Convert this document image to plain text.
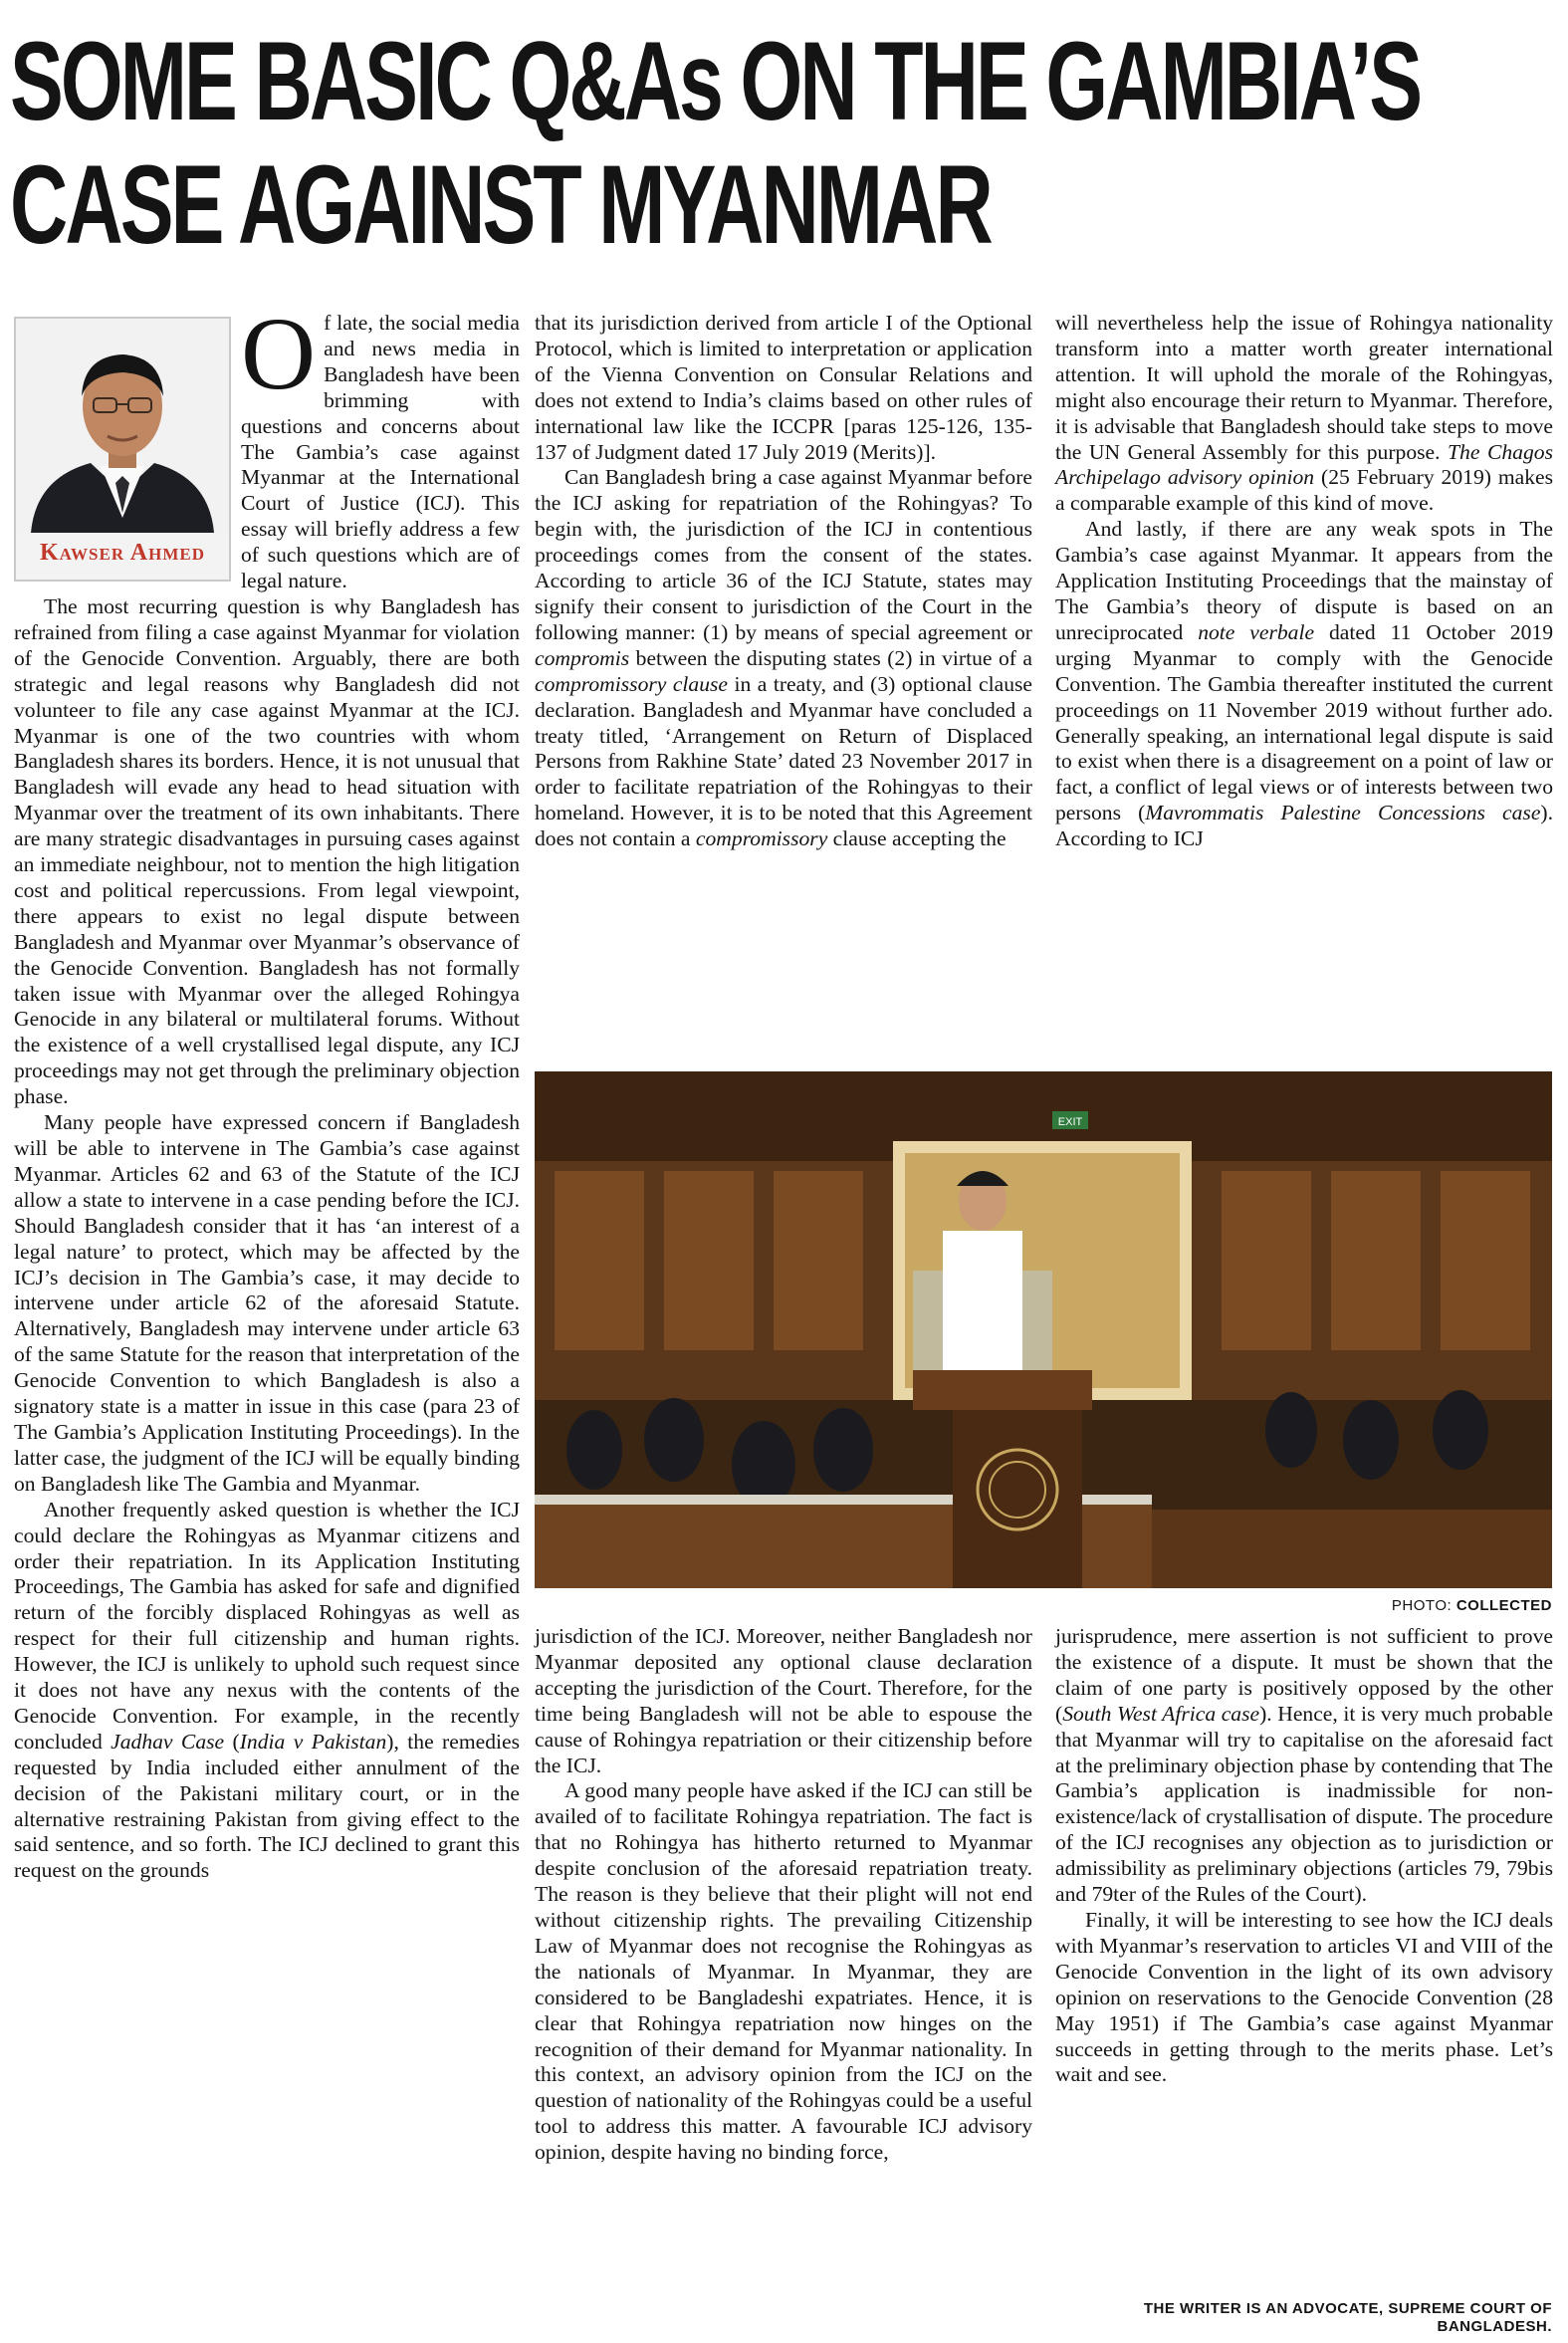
SOME BASIC Q&As ON THE GAMBIA’S
CASE AGAINST MYANMAR

Of late, the social media and news media in Bangladesh have been brimming with questions and concerns about The Gambia’s case against Myanmar at the International Court of Justice (ICJ). This essay will briefly address a few of such questions which are of legal nature.

The most recurring question is why Bangladesh has refrained from filing a case against Myanmar for violation of the Genocide Convention. Arguably, there are both strategic and legal reasons why Bangladesh did not volunteer to file any case against Myanmar at the ICJ. Myanmar is one of the two countries with whom Bangladesh shares its borders. Hence, it is not unusual that Bangladesh will evade any head to head situation with Myanmar over the treatment of its own inhabitants. There are many strategic disadvantages in pursuing cases against an immediate neighbour, not to mention the high litigation cost and political repercussions. From legal viewpoint, there appears to exist no legal dispute between Bangladesh and Myanmar over Myanmar’s observance of the Genocide Convention. Bangladesh has not formally taken issue with Myanmar over the alleged Rohingya Genocide in any bilateral or multilateral forums. Without the existence of a well crystallised legal dispute, any ICJ proceedings may not get through the preliminary objection phase.

Many people have expressed concern if Bangladesh will be able to intervene in The Gambia’s case against Myanmar. Articles 62 and 63 of the Statute of the ICJ allow a state to intervene in a case pending before the ICJ. Should Bangladesh consider that it has ‘an interest of a legal nature’ to protect, which may be affected by the ICJ’s decision in The Gambia’s case, it may decide to intervene under article 62 of the aforesaid Statute. Alternatively, Bangladesh may intervene under article 63 of the same Statute for the reason that interpretation of the Genocide Convention to which Bangladesh is also a signatory state is a matter in issue in this case (para 23 of The Gambia’s Application Instituting Proceedings). In the latter case, the judgment of the ICJ will be equally binding on Bangladesh like The Gambia and Myanmar.

Another frequently asked question is whether the ICJ could declare the Rohingyas as Myanmar citizens and order their repatriation. In its Application Instituting Proceedings, The Gambia has asked for safe and dignified return of the forcibly displaced Rohingyas as well as respect for their full citizenship and human rights. However, the ICJ is unlikely to uphold such request since it does not have any nexus with the contents of the Genocide Convention. For example, in the recently concluded Jadhav Case (India v Pakistan), the remedies requested by India included either annulment of the decision of the Pakistani military court, or in the alternative restraining Pakistan from giving effect to the said sentence, and so forth. The ICJ declined to grant this request on the grounds

Kawser Ahmed

that its jurisdiction derived from article I of the Optional Protocol, which is limited to interpretation or application of the Vienna Convention on Consular Relations and does not extend to India’s claims based on other rules of international law like the ICCPR [paras 125-126, 135-137 of Judgment dated 17 July 2019 (Merits)].

Can Bangladesh bring a case against Myanmar before the ICJ asking for repatriation of the Rohingyas? To begin with, the jurisdiction of the ICJ in contentious proceedings comes from the consent of the states. According to article 36 of the ICJ Statute, states may signify their consent to jurisdiction of the Court in the following manner: (1) by means of special agreement or compromis between the disputing states (2) in virtue of a compromissory clause in a treaty, and (3) optional clause declaration. Bangladesh and Myanmar have concluded a treaty titled, ‘Arrangement on Return of Displaced Persons from Rakhine State’ dated 23 November 2017 in order to facilitate repatriation of the Rohingyas to their homeland. However, it is to be noted that this Agreement does not contain a compromissory clause accepting the

will nevertheless help the issue of Rohingya nationality transform into a matter worth greater international attention. It will uphold the morale of the Rohingyas, might also encourage their return to Myanmar. Therefore, it is advisable that Bangladesh should take steps to move the UN General Assembly for this purpose. The Chagos Archipelago advisory opinion (25 February 2019) makes a comparable example of this kind of move.

And lastly, if there are any weak spots in The Gambia’s case against Myanmar. It appears from the Application Instituting Proceedings that the mainstay of The Gambia’s theory of dispute is based on an unreciprocated note verbale dated 11 October 2019 urging Myanmar to comply with the Genocide Convention. The Gambia thereafter instituted the current proceedings on 11 November 2019 without further ado. Generally speaking, an international legal dispute is said to exist when there is a disagreement on a point of law or fact, a conflict of legal views or of interests between two persons (Mavrommatis Palestine Concessions case). According to ICJ

EXIT
PHOTO: COLLECTED

jurisdiction of the ICJ. Moreover, neither Bangladesh nor Myanmar deposited any optional clause declaration accepting the jurisdiction of the Court. Therefore, for the time being Bangladesh will not be able to espouse the cause of Rohingya repatriation or their citizenship before the ICJ.

A good many people have asked if the ICJ can still be availed of to facilitate Rohingya repatriation. The fact is that no Rohingya has hitherto returned to Myanmar despite conclusion of the aforesaid repatriation treaty. The reason is they believe that their plight will not end without citizenship rights. The prevailing Citizenship Law of Myanmar does not recognise the Rohingyas as the nationals of Myanmar. In Myanmar, they are considered to be Bangladeshi expatriates. Hence, it is clear that Rohingya repatriation now hinges on the recognition of their demand for Myanmar nationality. In this context, an advisory opinion from the ICJ on the question of nationality of the Rohingyas could be a useful tool to address this matter. A favourable ICJ advisory opinion, despite having no binding force,

jurisprudence, mere assertion is not sufficient to prove the existence of a dispute. It must be shown that the claim of one party is positively opposed by the other (South West Africa case). Hence, it is very much probable that Myanmar will try to capitalise on the aforesaid fact at the preliminary objection phase by contending that The Gambia’s application is inadmissible for non-existence/lack of crystallisation of dispute. The procedure of the ICJ recognises any objection as to jurisdiction or admissibility as preliminary objections (articles 79, 79bis and 79ter of the Rules of the Court).

Finally, it will be interesting to see how the ICJ deals with Myanmar’s reservation to articles VI and VIII of the Genocide Convention in the light of its own advisory opinion on reservations to the Genocide Convention (28 May 1951) if The Gambia’s case against Myanmar succeeds in getting through to the merits phase. Let’s wait and see.

THE WRITER IS AN ADVOCATE, SUPREME COURT OF BANGLADESH.
